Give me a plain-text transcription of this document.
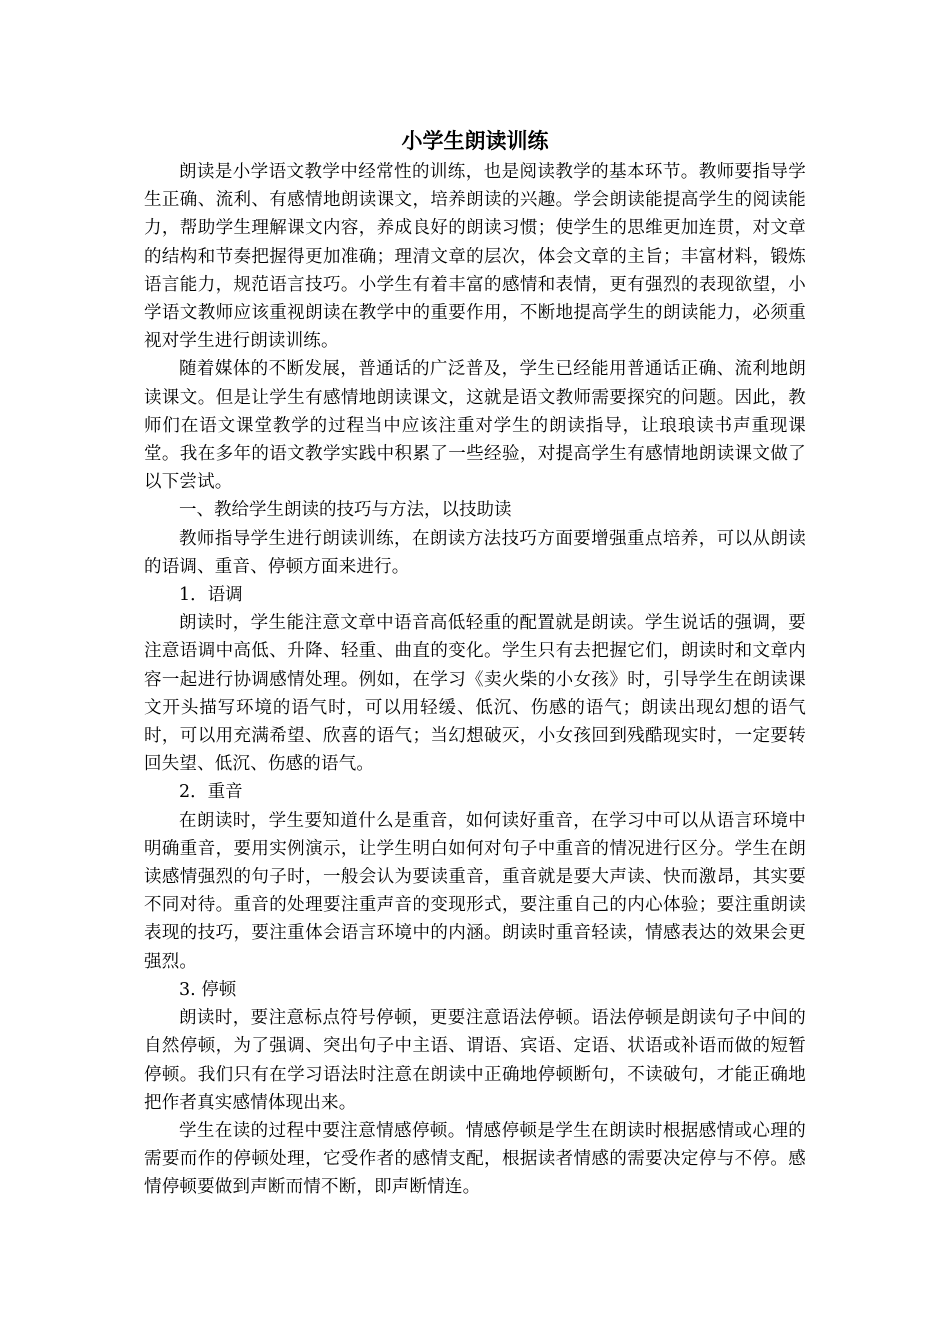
小学生朗读训练

朗读是小学语文教学中经常性的训练，也是阅读教学的基本环节。教师要指导学生正确、流利、有感情地朗读课文，培养朗读的兴趣。学会朗读能提高学生的阅读能力，帮助学生理解课文内容，养成良好的朗读习惯；使学生的思维更加连贯，对文章的结构和节奏把握得更加准确；理清文章的层次，体会文章的主旨；丰富材料，锻炼语言能力，规范语言技巧。小学生有着丰富的感情和表情，更有强烈的表现欲望，小学语文教师应该重视朗读在教学中的重要作用，不断地提高学生的朗读能力，必须重视对学生进行朗读训练。

随着媒体的不断发展，普通话的广泛普及，学生已经能用普通话正确、流利地朗读课文。但是让学生有感情地朗读课文，这就是语文教师需要探究的问题。因此，教师们在语文课堂教学的过程当中应该注重对学生的朗读指导，让琅琅读书声重现课堂。我在多年的语文教学实践中积累了一些经验，对提高学生有感情地朗读课文做了以下尝试。

一、教给学生朗读的技巧与方法，以技助读

教师指导学生进行朗读训练，在朗读方法技巧方面要增强重点培养，可以从朗读的语调、重音、停顿方面来进行。

1．语调

朗读时，学生能注意文章中语音高低轻重的配置就是朗读。学生说话的强调，要注意语调中高低、升降、轻重、曲直的变化。学生只有去把握它们，朗读时和文章内容一起进行协调感情处理。例如，在学习《卖火柴的小女孩》时，引导学生在朗读课文开头描写环境的语气时，可以用轻缓、低沉、伤感的语气；朗读出现幻想的语气时，可以用充满希望、欣喜的语气；当幻想破灭，小女孩回到残酷现实时，一定要转回失望、低沉、伤感的语气。

2．重音

在朗读时，学生要知道什么是重音，如何读好重音，在学习中可以从语言环境中明确重音，要用实例演示，让学生明白如何对句子中重音的情况进行区分。学生在朗读感情强烈的句子时，一般会认为要读重音，重音就是要大声读、快而激昂，其实要不同对待。重音的处理要注重声音的变现形式，要注重自己的内心体验；要注重朗读表现的技巧，要注重体会语言环境中的内涵。朗读时重音轻读，情感表达的效果会更强烈。

3. 停顿

朗读时，要注意标点符号停顿，更要注意语法停顿。语法停顿是朗读句子中间的自然停顿，为了强调、突出句子中主语、谓语、宾语、定语、状语或补语而做的短暂停顿。我们只有在学习语法时注意在朗读中正确地停顿断句，不读破句，才能正确地把作者真实感情体现出来。

学生在读的过程中要注意情感停顿。情感停顿是学生在朗读时根据感情或心理的需要而作的停顿处理，它受作者的感情支配，根据读者情感的需要决定停与不停。感情停顿要做到声断而情不断，即声断情连。
